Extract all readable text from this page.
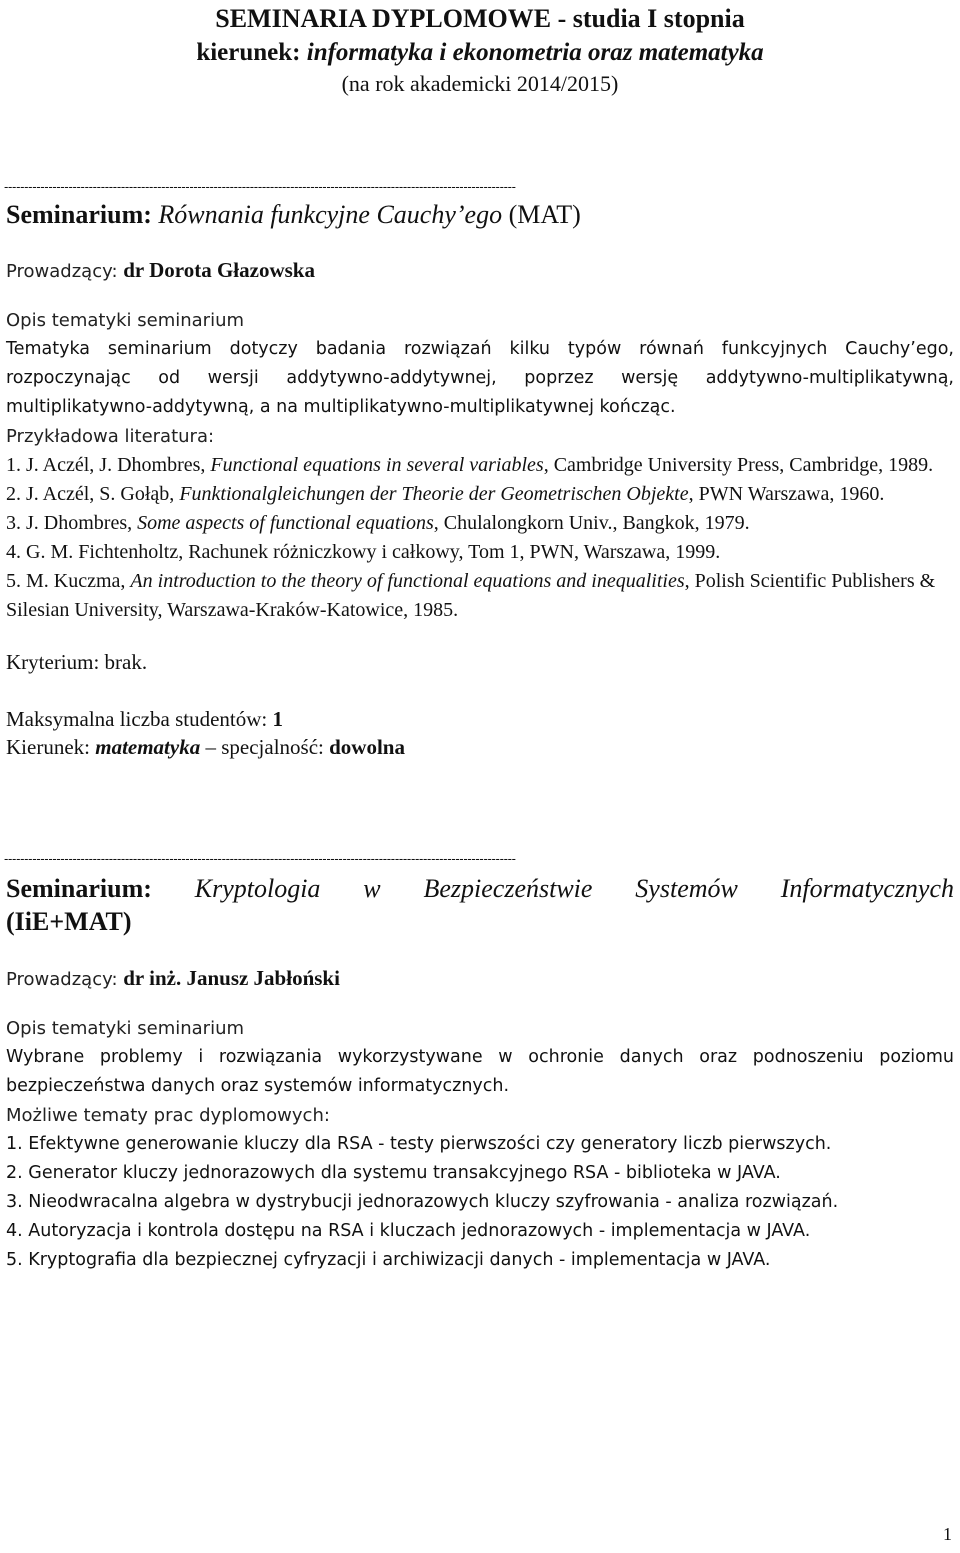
SEMINARIA DYPLOMOWE - studia I stopnia
kierunek: informatyka i ekonometria oraz matematyka
(na rok akademicki 2014/2015)
-------------------------------------------------------------------------------------------------------------------------------
Seminarium: Równania funkcyjne Cauchy’ego (MAT)
Prowadzący: dr Dorota Głazowska
Opis tematyki seminarium
Tematyka seminarium dotyczy badania rozwiązań kilku typów równań funkcyjnych Cauchy’ego, rozpoczynając od wersji addytywno-addytywnej, poprzez wersję addytywno-multiplikatywną, multiplikatywno-addytywną, a na multiplikatywno-multiplikatywnej kończąc.
Przykładowa literatura:
1. J. Aczél, J. Dhombres, Functional equations in several variables, Cambridge University Press, Cambridge, 1989.
2. J. Aczél, S. Gołąb, Funktionalgleichungen der Theorie der Geometrischen Objekte, PWN Warszawa, 1960.
3. J. Dhombres, Some aspects of functional equations, Chulalongkorn Univ., Bangkok, 1979.
4. G. M. Fichtenholtz, Rachunek różniczkowy i całkowy, Tom 1, PWN, Warszawa, 1999.
5. M. Kuczma, An introduction to the theory of functional equations and inequalities, Polish Scientific Publishers & Silesian University, Warszawa-Kraków-Katowice, 1985.
Kryterium: brak.
Maksymalna liczba studentów: 1
Kierunek: matematyka – specjalność: dowolna
-------------------------------------------------------------------------------------------------------------------------------
Seminarium: Kryptologia w Bezpieczeństwie Systemów Informatycznych
(IiE+MAT)
Prowadzący: dr inż. Janusz Jabłoński
Opis tematyki seminarium
Wybrane problemy i rozwiązania wykorzystywane w ochronie danych oraz podnoszeniu poziomu bezpieczeństwa danych oraz systemów informatycznych.
Możliwe tematy prac dyplomowych:
1. Efektywne generowanie kluczy dla RSA - testy pierwszości czy generatory liczb pierwszych.
2. Generator kluczy jednorazowych dla systemu transakcyjnego RSA - biblioteka w JAVA.
3. Nieodwracalna algebra w dystrybucji jednorazowych kluczy szyfrowania - analiza rozwiązań.
4. Autoryzacja i kontrola dostępu na RSA i kluczach jednorazowych - implementacja w JAVA.
5. Kryptografia dla bezpiecznej cyfryzacji i archiwizacji danych - implementacja w JAVA.
1
